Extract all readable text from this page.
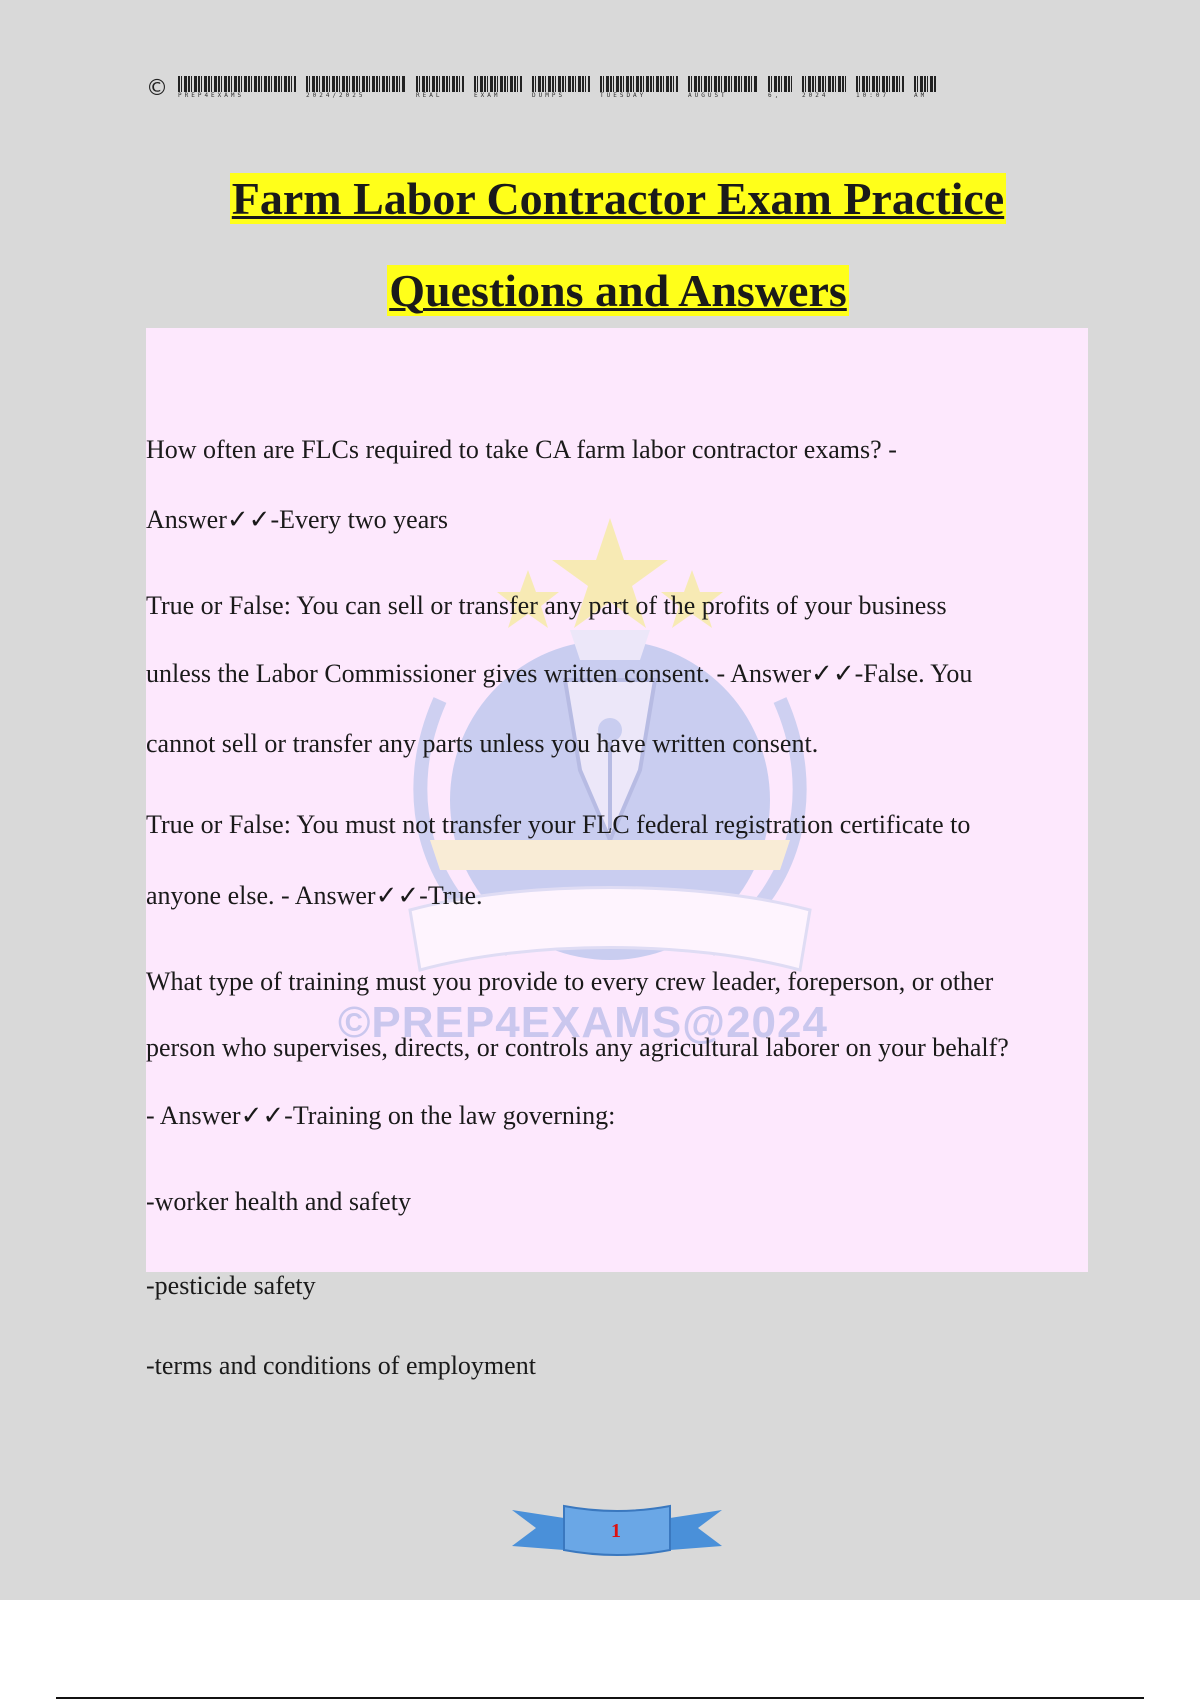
© PREP4EXAMS	2024/2025	REAL	EXAM	DUMPS	TUESDAY	AUGUST	6,	2024	10:07	AM
Farm Labor Contractor Exam Practice
Questions and Answers
©PREP4EXAMS@2024
How often are FLCs required to take CA farm labor contractor exams? -
Answer✓✓-Every two years
True or False: You can sell or transfer any part of the profits of your business
unless the Labor Commissioner gives written consent. - Answer✓✓-False. You
cannot sell or transfer any parts unless you have written consent.
True or False: You must not transfer your FLC federal registration certificate to
anyone else. - Answer✓✓-True.
What type of training must you provide to every crew leader, foreperson, or other
person who supervises, directs, or controls any agricultural laborer on your behalf?
- Answer✓✓-Training on the law governing:
-worker health and safety
-pesticide safety
-terms and conditions of employment
1
